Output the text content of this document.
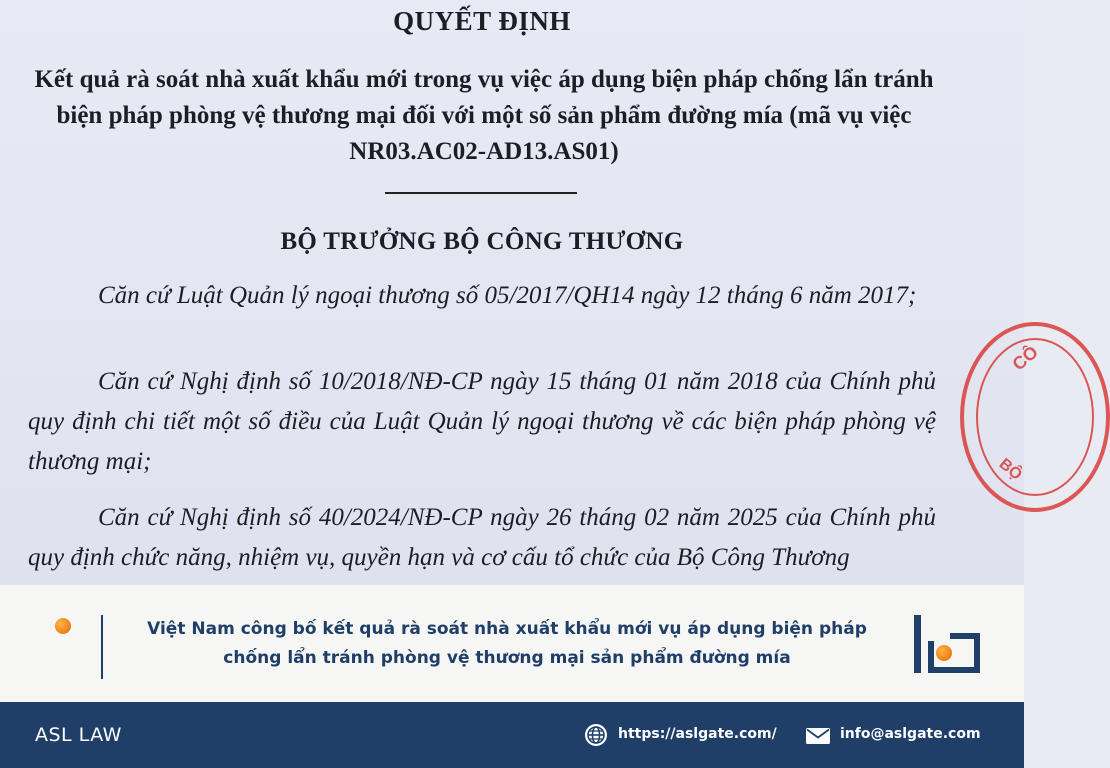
QUYẾT ĐỊNH
Kết quả rà soát nhà xuất khẩu mới trong vụ việc áp dụng biện pháp chống lẩn tránh biện pháp phòng vệ thương mại đối với một số sản phẩm đường mía (mã vụ việc NR03.AC02-AD13.AS01)
BỘ TRƯỞNG BỘ CÔNG THƯƠNG
Căn cứ Luật Quản lý ngoại thương số 05/2017/QH14 ngày 12 tháng 6 năm 2017;
Căn cứ Nghị định số 10/2018/NĐ-CP ngày 15 tháng 01 năm 2018 của Chính phủ quy định chi tiết một số điều của Luật Quản lý ngoại thương về các biện pháp phòng vệ thương mại;
Căn cứ Nghị định số 40/2024/NĐ-CP ngày 26 tháng 02 năm 2025 của Chính phủ quy định chức năng, nhiệm vụ, quyền hạn và cơ cấu tổ chức của Bộ Công Thương
CÔ
BỘ
Việt Nam công bố kết quả rà soát nhà xuất khẩu mới vụ áp dụng biện pháp chống lẩn tránh phòng vệ thương mại sản phẩm đường mía
ASL LAW	https://aslgate.com/	info@aslgate.com
